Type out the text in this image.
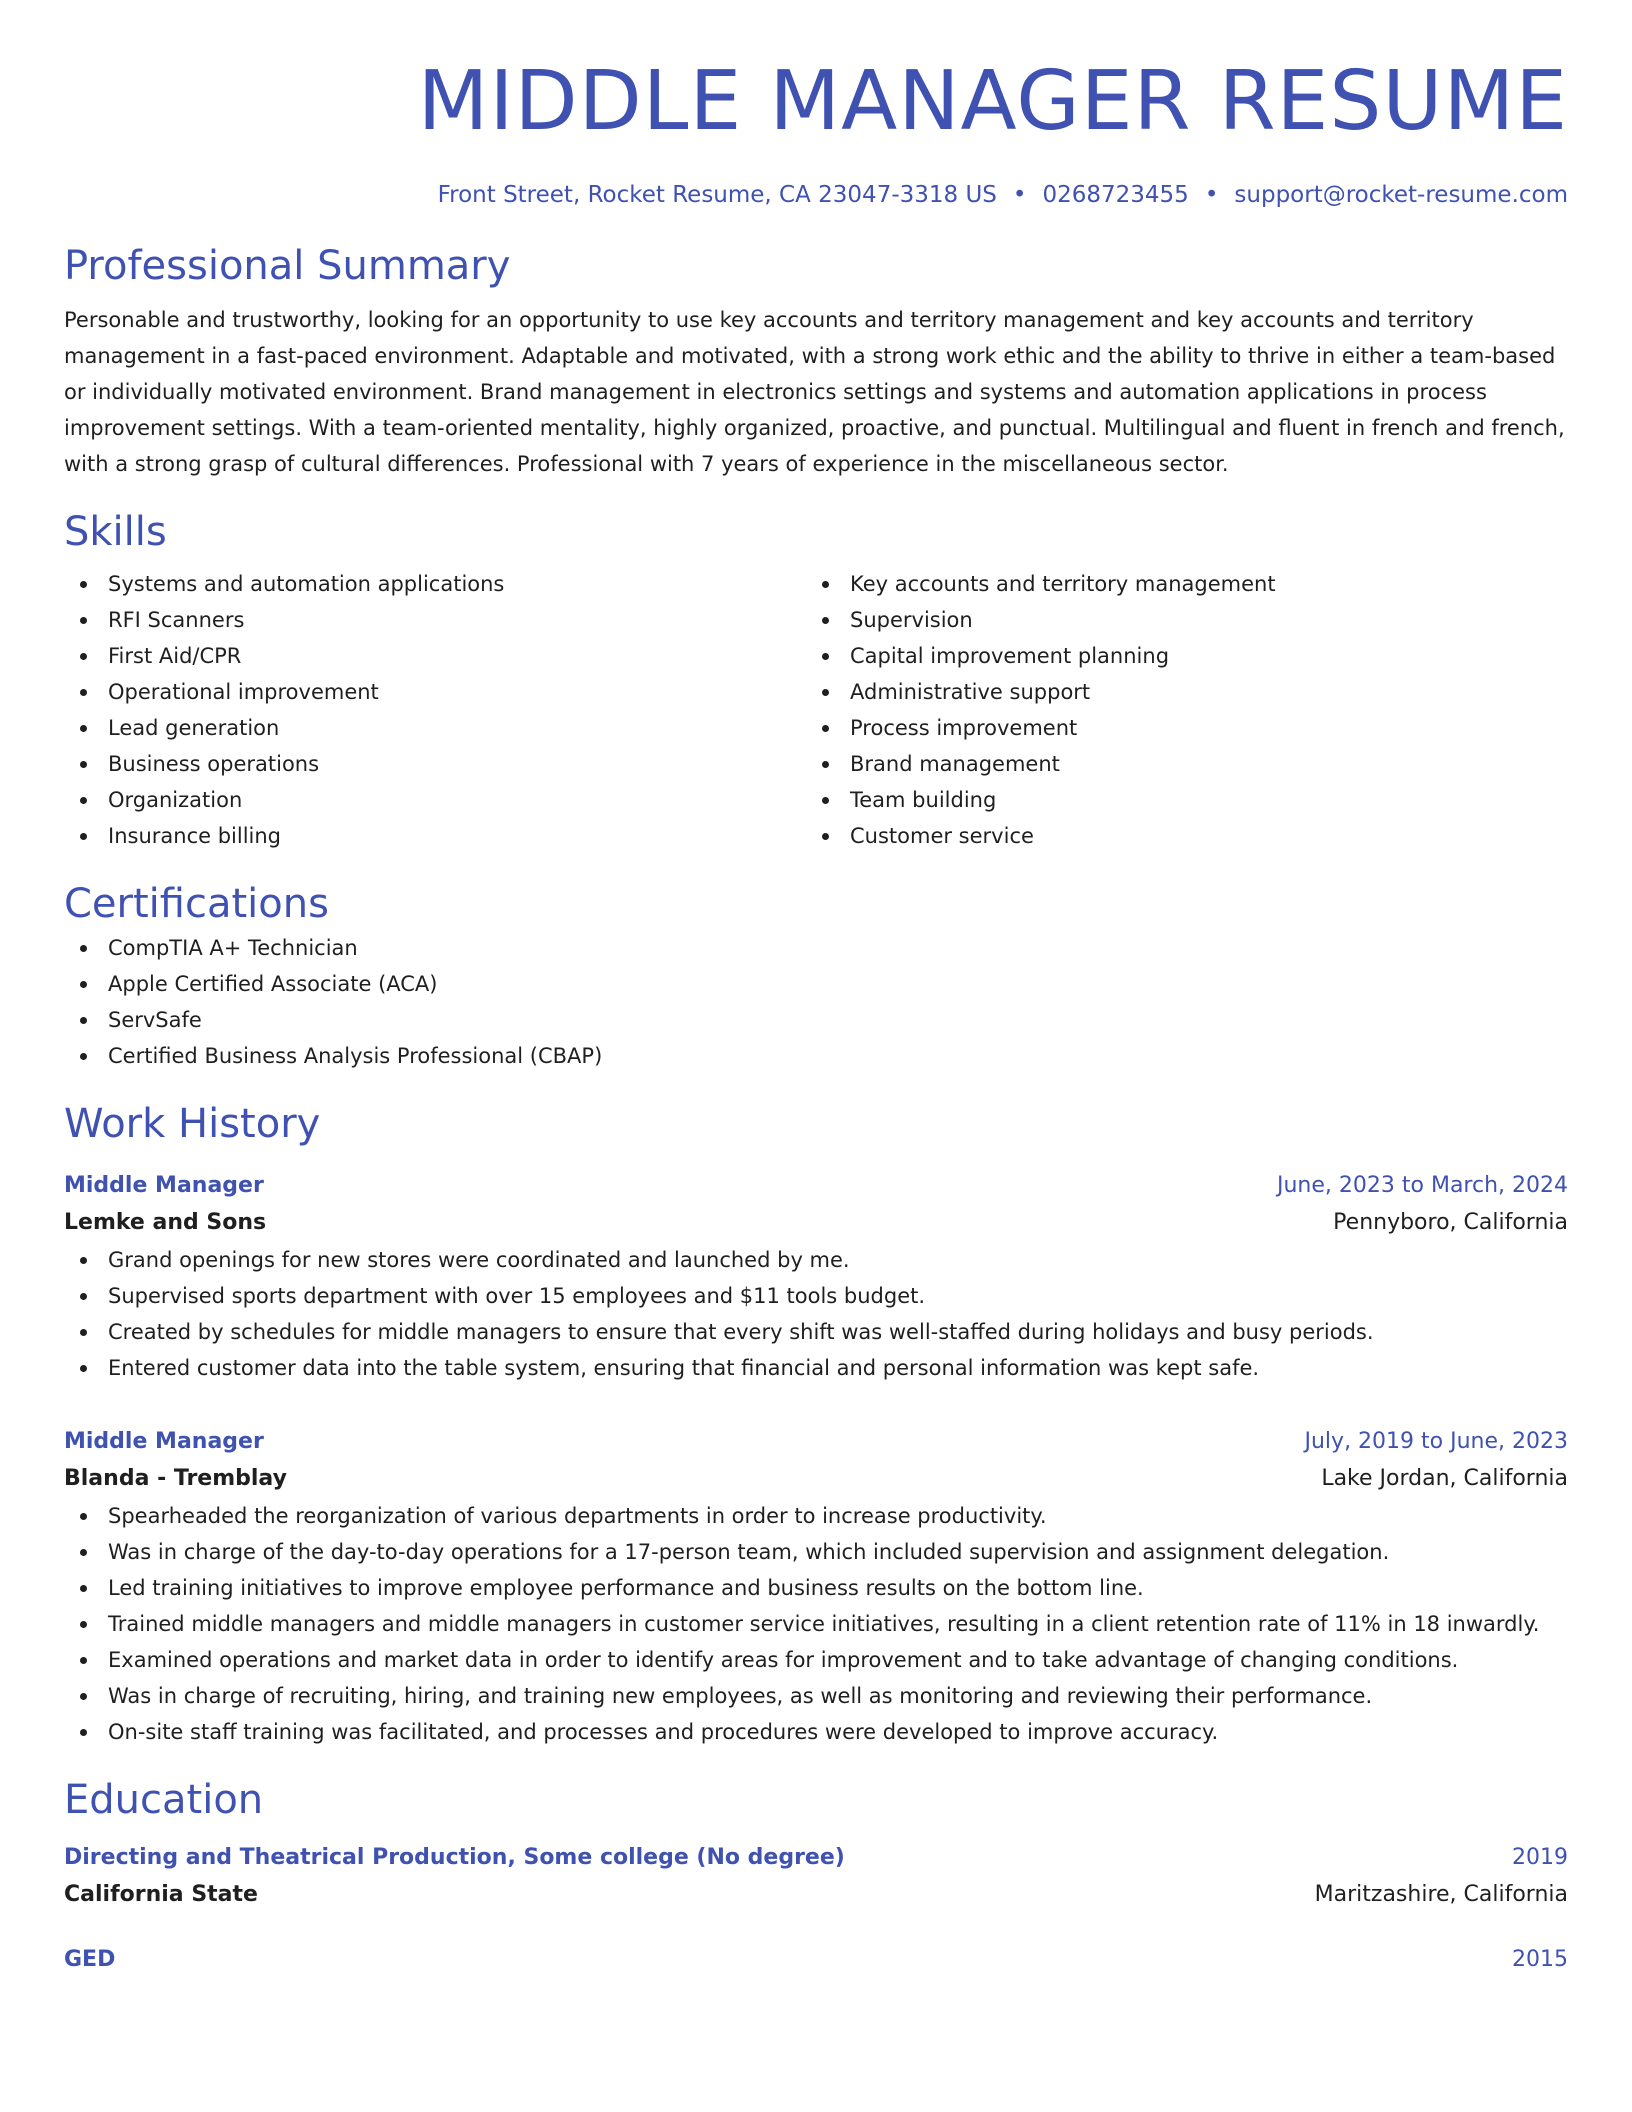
MIDDLE MANAGER RESUME
Front Street, Rocket Resume, CA 23047-3318 US • 0268723455 • support@rocket-resume.com
Professional Summary
Personable and trustworthy, looking for an opportunity to use key accounts and territory management and key accounts and territory management in a fast-paced environment. Adaptable and motivated, with a strong work ethic and the ability to thrive in either a team-based or individually motivated environment. Brand management in electronics settings and systems and automation applications in process improvement settings. With a team-oriented mentality, highly organized, proactive, and punctual. Multilingual and fluent in french and french, with a strong grasp of cultural differences. Professional with 7 years of experience in the miscellaneous sector.
Skills
Systems and automation applications
RFI Scanners
First Aid/CPR
Operational improvement
Lead generation
Business operations
Organization
Insurance billing
Key accounts and territory management
Supervision
Capital improvement planning
Administrative support
Process improvement
Brand management
Team building
Customer service
Certifications
CompTIA A+ Technician
Apple Certified Associate (ACA)
ServSafe
Certified Business Analysis Professional (CBAP)
Work History
Middle Manager	June, 2023 to March, 2024
Lemke and Sons	Pennyboro, California
Grand openings for new stores were coordinated and launched by me.
Supervised sports department with over 15 employees and $11 tools budget.
Created by schedules for middle managers to ensure that every shift was well-staffed during holidays and busy periods.
Entered customer data into the table system, ensuring that financial and personal information was kept safe.
Middle Manager	July, 2019 to June, 2023
Blanda - Tremblay	Lake Jordan, California
Spearheaded the reorganization of various departments in order to increase productivity.
Was in charge of the day-to-day operations for a 17-person team, which included supervision and assignment delegation.
Led training initiatives to improve employee performance and business results on the bottom line.
Trained middle managers and middle managers in customer service initiatives, resulting in a client retention rate of 11% in 18 inwardly.
Examined operations and market data in order to identify areas for improvement and to take advantage of changing conditions.
Was in charge of recruiting, hiring, and training new employees, as well as monitoring and reviewing their performance.
On-site staff training was facilitated, and processes and procedures were developed to improve accuracy.
Education
Directing and Theatrical Production, Some college (No degree)	2019
California State	Maritzashire, California
GED	2015
